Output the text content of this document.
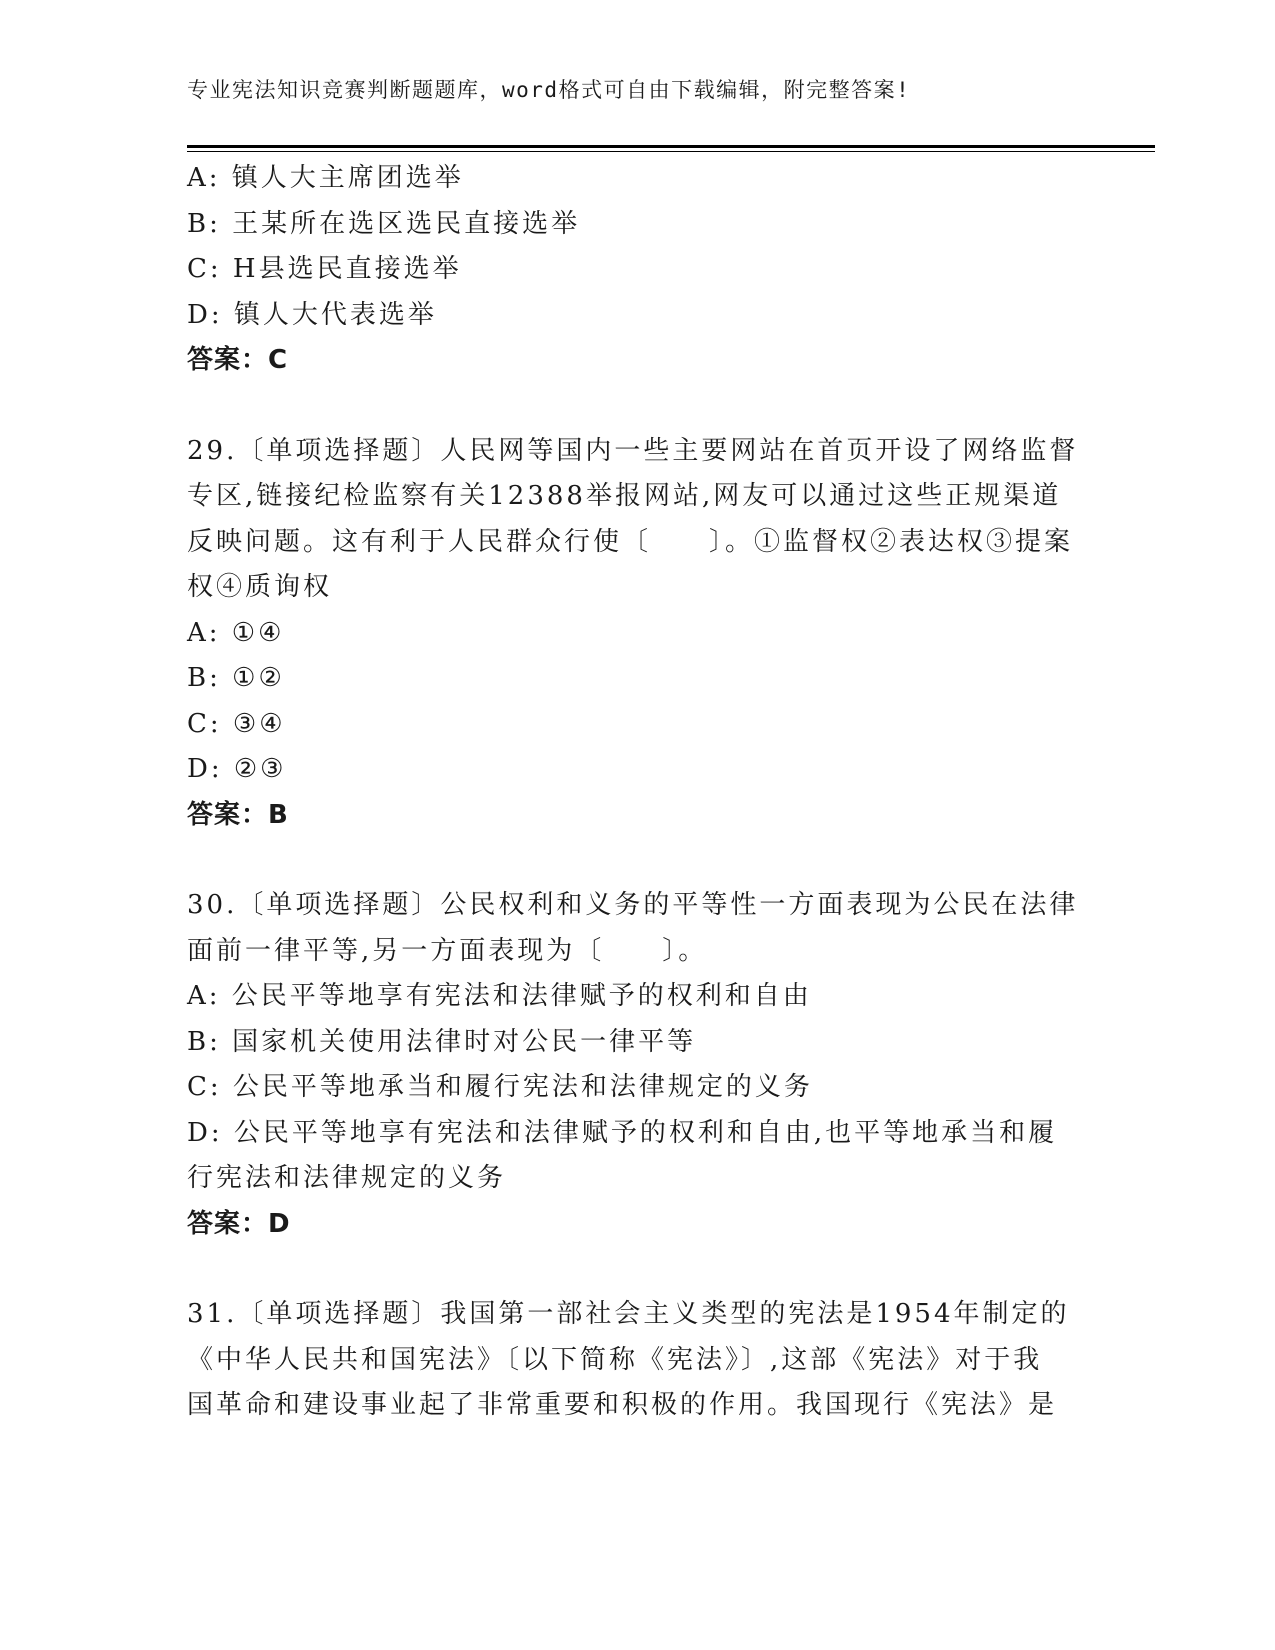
专业宪法知识竞赛判断题题库，word格式可自由下载编辑，附完整答案!
A: 镇人大主席团选举
B: 王某所在选区选民直接选举
C: H县选民直接选举
D: 镇人大代表选举
答案：C
29.〔单项选择题〕人民网等国内一些主要网站在首页开设了网络监督
专区,链接纪检监察有关12388举报网站,网友可以通过这些正规渠道
反映问题。这有利于人民群众行使〔　　〕。①监督权②表达权③提案
权④质询权
A: ①④
B: ①②
C: ③④
D: ②③
答案：B
30.〔单项选择题〕公民权利和义务的平等性一方面表现为公民在法律
面前一律平等,另一方面表现为〔　　〕。
A: 公民平等地享有宪法和法律赋予的权利和自由
B: 国家机关使用法律时对公民一律平等
C: 公民平等地承当和履行宪法和法律规定的义务
D: 公民平等地享有宪法和法律赋予的权利和自由,也平等地承当和履
行宪法和法律规定的义务
答案：D
31.〔单项选择题〕我国第一部社会主义类型的宪法是1954年制定的
《中华人民共和国宪法》〔以下简称《宪法》〕,这部《宪法》对于我
国革命和建设事业起了非常重要和积极的作用。我国现行《宪法》是
